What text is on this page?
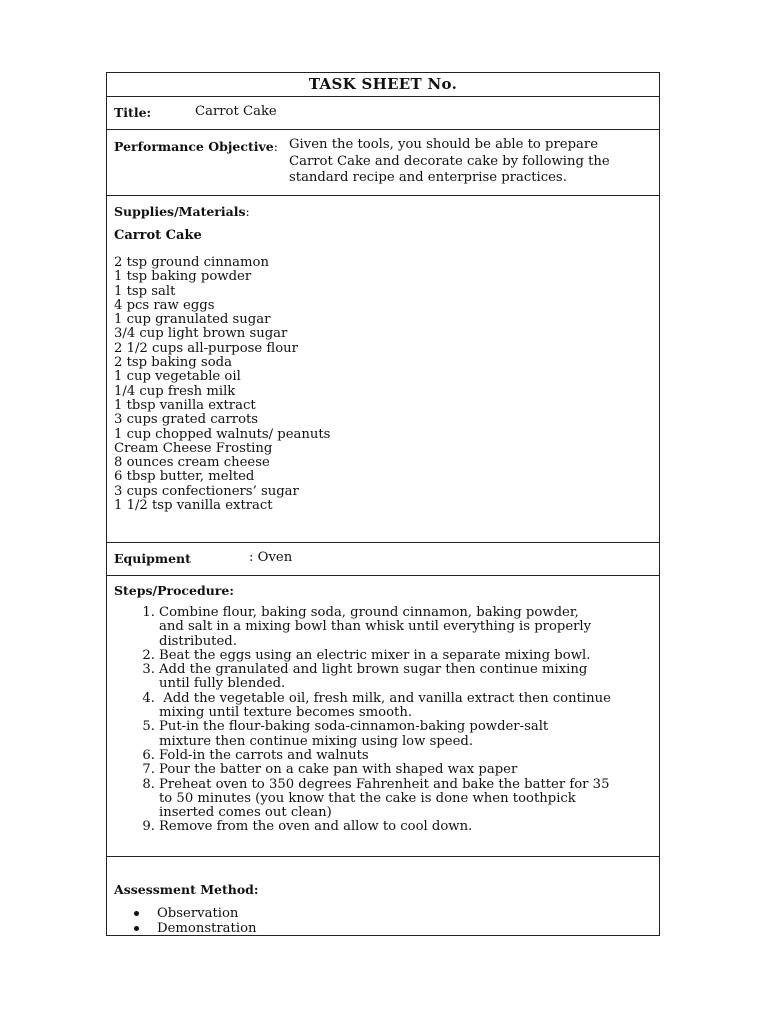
TASK SHEET No.
Title:	Carrot Cake
Performance Objective: Given the tools, you should be able to prepare
Carrot Cake and decorate cake by following the
standard recipe and enterprise practices.
Supplies/Materials:
Carrot Cake
2 tsp ground cinnamon
1 tsp baking powder
1 tsp salt
4 pcs raw eggs
1 cup granulated sugar
3/4 cup light brown sugar
2 1/2 cups all-purpose flour
2 tsp baking soda
1 cup vegetable oil
1/4 cup fresh milk
1 tbsp vanilla extract
3 cups grated carrots
1 cup chopped walnuts/ peanuts
Cream Cheese Frosting
8 ounces cream cheese
6 tbsp butter, melted
3 cups confectioners’ sugar
1 1/2 tsp vanilla extract
Equipment	: Oven
Steps/Procedure:
1. Combine flour, baking soda, ground cinnamon, baking powder,
and salt in a mixing bowl than whisk until everything is properly
distributed.
2. Beat the eggs using an electric mixer in a separate mixing bowl.
3. Add the granulated and light brown sugar then continue mixing
until fully blended.
4. Add the vegetable oil, fresh milk, and vanilla extract then continue
mixing until texture becomes smooth.
5. Put-in the flour-baking soda-cinnamon-baking powder-salt
mixture then continue mixing using low speed.
6. Fold-in the carrots and walnuts
7. Pour the batter on a cake pan with shaped wax paper
8. Preheat oven to 350 degrees Fahrenheit and bake the batter for 35
to 50 minutes (you know that the cake is done when toothpick
inserted comes out clean)
9. Remove from the oven and allow to cool down.
Assessment Method:
Observation
Demonstration
